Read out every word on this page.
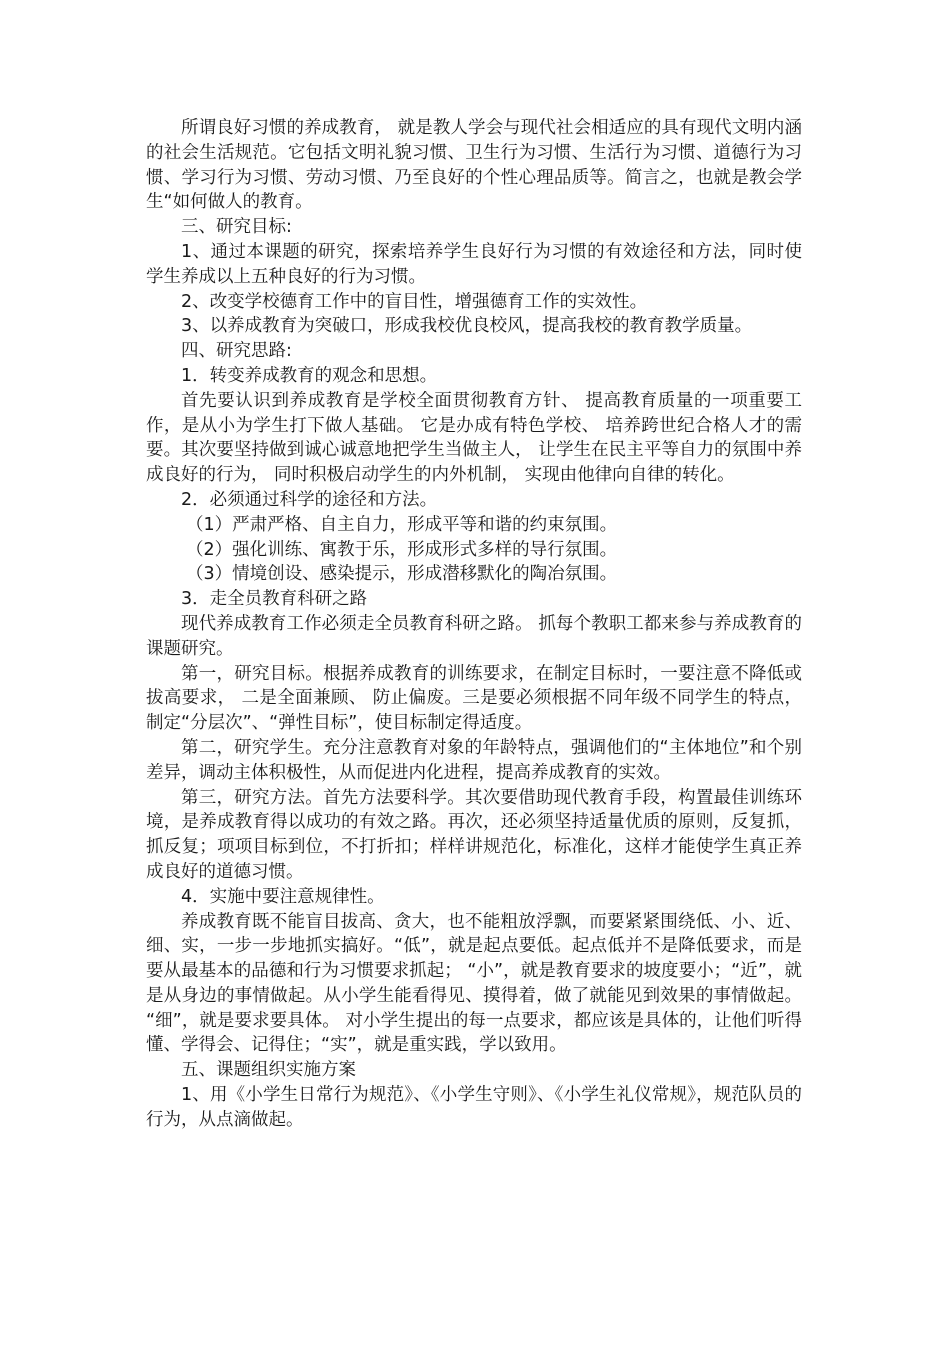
所谓良好习惯的养成教育， 就是教人学会与现代社会相适应的具有现代文明内涵的社会生活规范。它包括文明礼貌习惯、卫生行为习惯、生活行为习惯、道德行为习惯、学习行为习惯、劳动习惯、乃至良好的个性心理品质等。简言之，也就是教会学生“如何做人的教育。

三、研究目标:

1、通过本课题的研究，探索培养学生良好行为习惯的有效途径和方法，同时使学生养成以上五种良好的行为习惯。

2、改变学校德育工作中的盲目性，增强德育工作的实效性。

3、以养成教育为突破口，形成我校优良校风，提高我校的教育教学质量。

四、研究思路:

1．转变养成教育的观念和思想。

首先要认识到养成教育是学校全面贯彻教育方针、 提高教育质量的一项重要工作，是从小为学生打下做人基础。 它是办成有特色学校、 培养跨世纪合格人才的需要。其次要坚持做到诚心诚意地把学生当做主人， 让学生在民主平等自力的氛围中养成良好的行为， 同时积极启动学生的内外机制， 实现由他律向自律的转化。

2．必须通过科学的途径和方法。

（1）严肃严格、自主自力，形成平等和谐的约束氛围。

（2）强化训练、寓教于乐，形成形式多样的导行氛围。

（3）情境创设、感染提示，形成潜移默化的陶冶氛围。

3．走全员教育科研之路

现代养成教育工作必须走全员教育科研之路。 抓每个教职工都来参与养成教育的课题研究。

第一，研究目标。根据养成教育的训练要求，在制定目标时，一要注意不降低或拔高要求， 二是全面兼顾、 防止偏废。三是要必须根据不同年级不同学生的特点，制定“分层次”、“弹性目标”，使目标制定得适度。

第二，研究学生。充分注意教育对象的年龄特点，强调他们的“主体地位”和个别差异，调动主体积极性，从而促进内化进程，提高养成教育的实效。

第三，研究方法。首先方法要科学。其次要借助现代教育手段，构置最佳训练环境，是养成教育得以成功的有效之路。再次，还必须坚持适量优质的原则，反复抓，抓反复；项项目标到位，不打折扣；样样讲规范化，标准化，这样才能使学生真正养成良好的道德习惯。

4．实施中要注意规律性。

养成教育既不能盲目拔高、贪大，也不能粗放浮飘，而要紧紧围绕低、小、近、细、实，一步一步地抓实搞好。“低”，就是起点要低。起点低并不是降低要求，而是要从最基本的品德和行为习惯要求抓起； “小”，就是教育要求的坡度要小；“近”，就是从身边的事情做起。从小学生能看得见、摸得着，做了就能见到效果的事情做起。 “细”，就是要求要具体。 对小学生提出的每一点要求，都应该是具体的，让他们听得懂、学得会、记得住；“实”，就是重实践，学以致用。

五、课题组织实施方案

1、用《小学生日常行为规范》、《小学生守则》、《小学生礼仪常规》，规范队员的行为，从点滴做起。
